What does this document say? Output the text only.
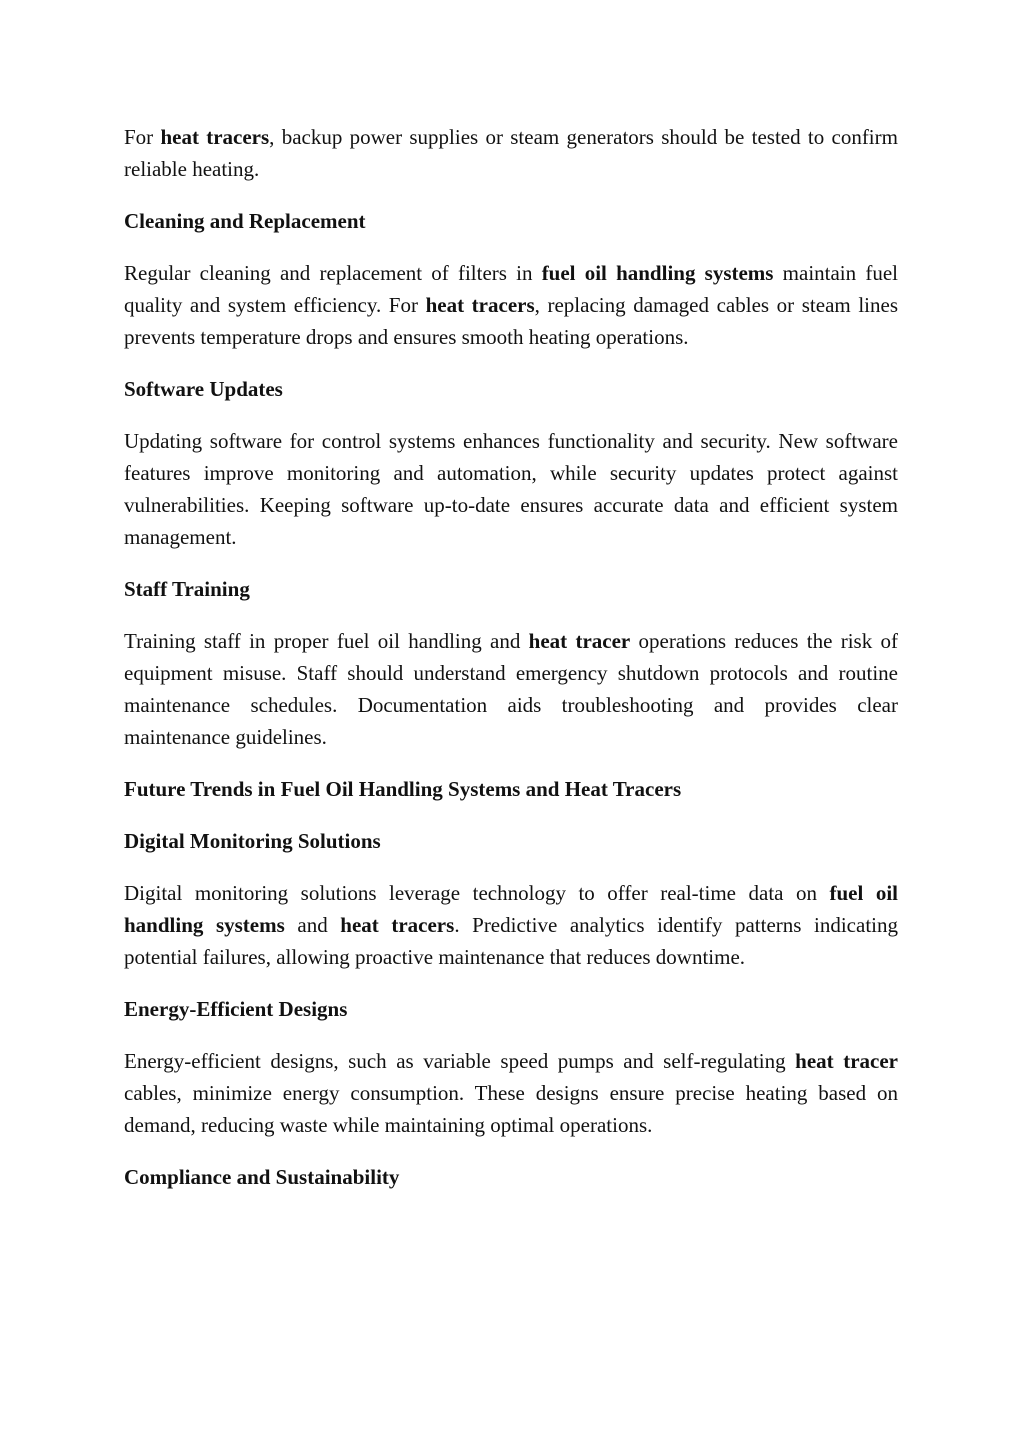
For heat tracers, backup power supplies or steam generators should be tested to confirm reliable heating.

Cleaning and Replacement

Regular cleaning and replacement of filters in fuel oil handling systems maintain fuel quality and system efficiency. For heat tracers, replacing damaged cables or steam lines prevents temperature drops and ensures smooth heating operations.

Software Updates

Updating software for control systems enhances functionality and security. New software features improve monitoring and automation, while security updates protect against vulnerabilities. Keeping software up-to-date ensures accurate data and efficient system management.

Staff Training

Training staff in proper fuel oil handling and heat tracer operations reduces the risk of equipment misuse. Staff should understand emergency shutdown protocols and routine maintenance schedules. Documentation aids troubleshooting and provides clear maintenance guidelines.

Future Trends in Fuel Oil Handling Systems and Heat Tracers

Digital Monitoring Solutions

Digital monitoring solutions leverage technology to offer real-time data on fuel oil handling systems and heat tracers. Predictive analytics identify patterns indicating potential failures, allowing proactive maintenance that reduces downtime.

Energy-Efficient Designs

Energy-efficient designs, such as variable speed pumps and self-regulating heat tracer cables, minimize energy consumption. These designs ensure precise heating based on demand, reducing waste while maintaining optimal operations.

Compliance and Sustainability
